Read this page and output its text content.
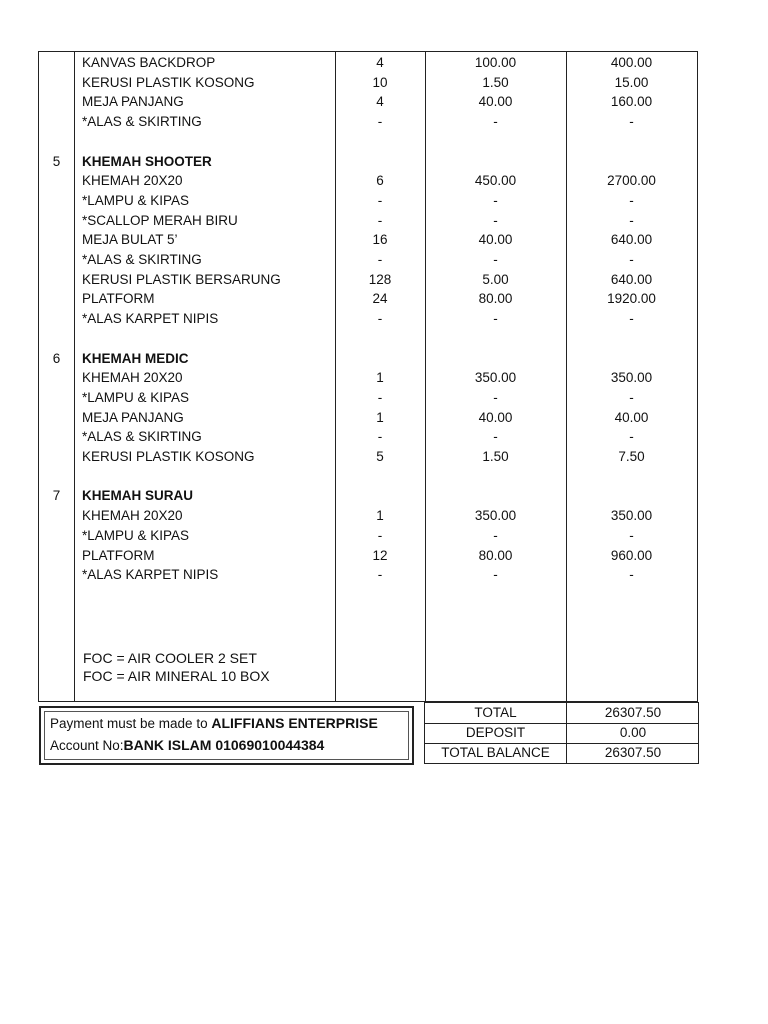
KANVAS BACKDROP	4	100.00	400.00
KERUSI PLASTIK KOSONG	10	1.50	15.00
MEJA PANJANG	4	40.00	160.00
*ALAS & SKIRTING	-	-	-
5	KHEMAH SHOOTER
KHEMAH 20X20	6	450.00	2700.00
*LAMPU & KIPAS	-	-	-
*SCALLOP MERAH BIRU	-	-	-
MEJA BULAT 5’	16	40.00	640.00
*ALAS & SKIRTING	-	-	-
KERUSI PLASTIK BERSARUNG	128	5.00	640.00
PLATFORM	24	80.00	1920.00
*ALAS KARPET NIPIS	-	-	-
6	KHEMAH MEDIC
KHEMAH 20X20	1	350.00	350.00
*LAMPU & KIPAS	-	-	-
MEJA PANJANG	1	40.00	40.00
*ALAS & SKIRTING	-	-	-
KERUSI PLASTIK KOSONG	5	1.50	7.50
7	KHEMAH SURAU
KHEMAH 20X20	1	350.00	350.00
*LAMPU & KIPAS	-	-	-
PLATFORM	12	80.00	960.00
*ALAS KARPET NIPIS	-	-	-
FOC = AIR COOLER 2 SET
FOC = AIR MINERAL 10 BOX
Payment must be made to ALIFFIANS ENTERPRISE
Account No:BANK ISLAM 01069010044384
TOTAL	26307.50
DEPOSIT	0.00
TOTAL BALANCE	26307.50
